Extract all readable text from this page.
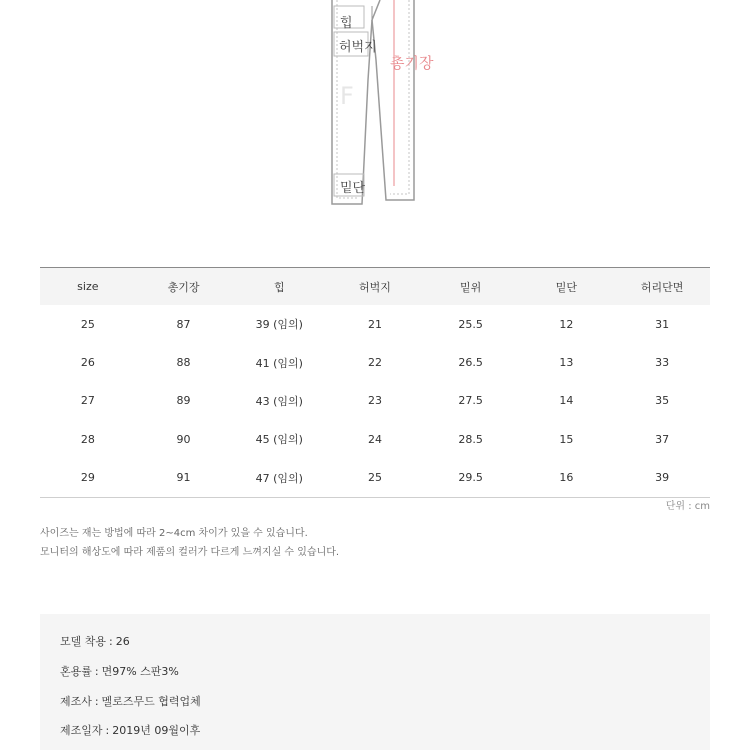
F
힙
허벅지
총기장
밑단
size	총기장	힙	허벅지	밑위	밑단	허리단면
25	87	39 (임의)	21	25.5	12	31
26	88	41 (임의)	22	26.5	13	33
27	89	43 (임의)	23	27.5	14	35
28	90	45 (임의)	24	28.5	15	37
29	91	47 (임의)	25	29.5	16	39
단위 : cm
사이즈는 재는 방법에 따라 2~4cm 차이가 있을 수 있습니다.
모니터의 해상도에 따라 제품의 컬러가 다르게 느껴지실 수 있습니다.
모델 착용 : 26
혼용률 : 면97% 스판3%
제조사 : 멜로즈무드 협력업체
제조일자 : 2019년 09월이후
